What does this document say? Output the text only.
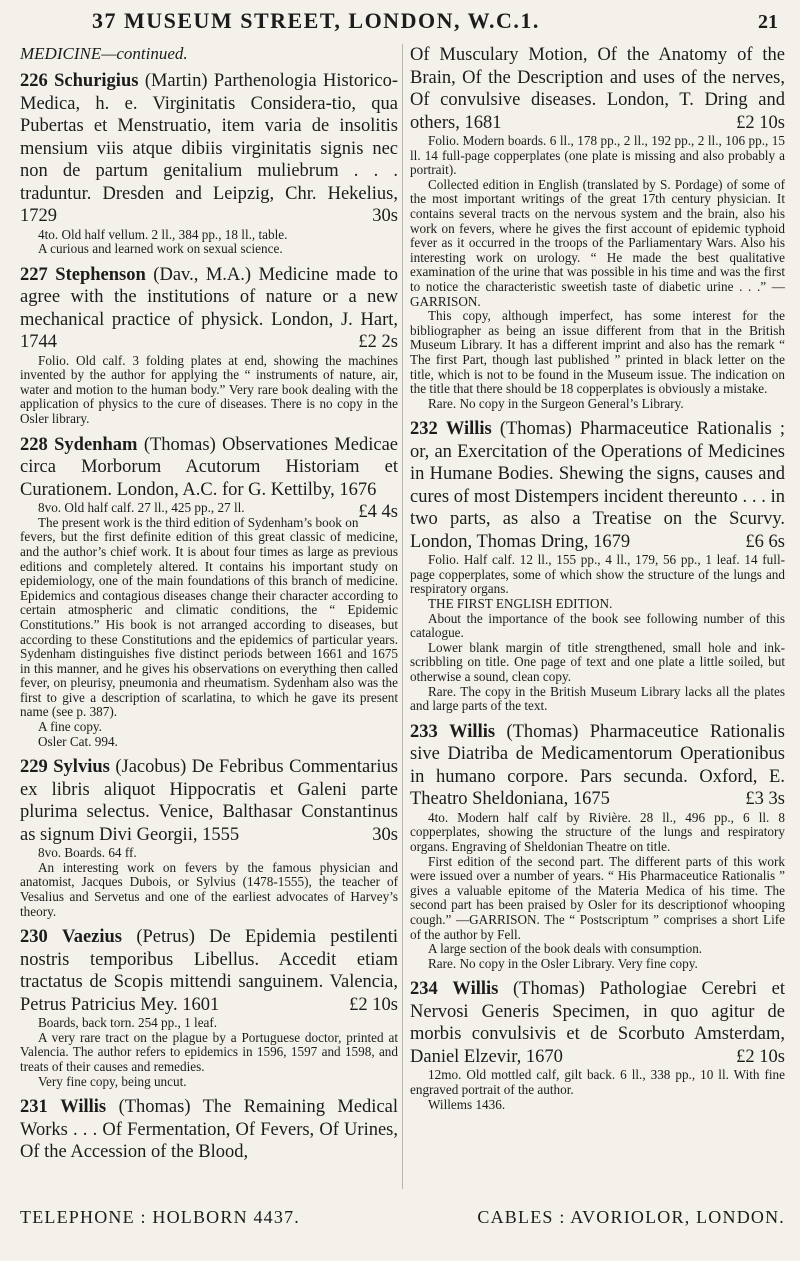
37 MUSEUM STREET, LONDON, W.C.1.	21
MEDICINE—continued.
226 Schurigius (Martin) Parthenologia Historico-Medica, h. e. Virginitatis Considera-tio, qua Pubertas et Menstruatio, item varia de insolitis mensium viis atque dibiis virginitatis signis nec non de partum genitalium muliebrum . . . traduntur. Dresden and Leipzig, Chr. Hekelius, 1729	30s
4to. Old half vellum. 2 ll., 384 pp., 18 ll., table.
A curious and learned work on sexual science.
227 Stephenson (Dav., M.A.) Medicine made to agree with the institutions of nature or a new mechanical practice of physick. London, J. Hart, 1744	£2 2s
Folio. Old calf. 3 folding plates at end, showing the machines invented by the author for applying the “ instruments of nature, air, water and motion to the human body.” Very rare book dealing with the application of physics to the cure of diseases. There is no copy in the Osler library.
228 Sydenham (Thomas) Observationes Medicae circa Morborum Acutorum Historiam et Curationem. London, A.C. for G. Kettilby, 1676
£4 4s
8vo. Old half calf. 27 ll., 425 pp., 27 ll.
The present work is the third edition of Sydenham’s book on fevers, but the first definite edition of this great classic of medicine, and the author’s chief work. It is about four times as large as previous editions and completely altered. It contains his important study on epidemiology, one of the main foundations of this branch of medicine. Epidemics and contagious diseases change their character according to certain atmospheric and climatic conditions, the “ Epidemic Constitutions.” His book is not arranged according to diseases, but according to these Constitutions and the epidemics of particular years. Sydenham distinguishes five distinct periods between 1661 and 1675 in this manner, and he gives his observations on everything then called fever, on pleurisy, pneumonia and rheumatism. Sydenham also was the first to give a description of scarlatina, to which he gave its present name (see p. 387).
A fine copy.
Osler Cat. 994.
229 Sylvius (Jacobus) De Febribus Commentarius ex libris aliquot Hippocratis et Galeni parte plurima selectus. Venice, Balthasar Constantinus as signum Divi Georgii, 1555	30s
8vo. Boards. 64 ff.
An interesting work on fevers by the famous physician and anatomist, Jacques Dubois, or Sylvius (1478-1555), the teacher of Vesalius and Servetus and one of the earliest advocates of Harvey’s theory.
230 Vaezius (Petrus) De Epidemia pestilenti nostris temporibus Libellus. Accedit etiam tractatus de Scopis mittendi sanguinem. Valencia, Petrus Patricius Mey. 1601	£2 10s
Boards, back torn. 254 pp., 1 leaf.
A very rare tract on the plague by a Portuguese doctor, printed at Valencia. The author refers to epidemics in 1596, 1597 and 1598, and treats of their causes and remedies.
Very fine copy, being uncut.
231 Willis (Thomas) The Remaining Medical Works . . . Of Fermentation, Of Fevers, Of Urines, Of the Accession of the Blood,
Of Musculary Motion, Of the Anatomy of the Brain, Of the Description and uses of the nerves, Of convulsive diseases. London, T. Dring and others, 1681	£2 10s
Folio. Modern boards. 6 ll., 178 pp., 2 ll., 192 pp., 2 ll., 106 pp., 15 ll. 14 full-page copperplates (one plate is missing and also probably a portrait).
Collected edition in English (translated by S. Pordage) of some of the most important writings of the great 17th century physician. It contains several tracts on the nervous system and the brain, also his work on fevers, where he gives the first account of epidemic typhoid fever as it occurred in the troops of the Parliamentary Wars. Also his interesting work on urology. “ He made the best qualitative examination of the urine that was possible in his time and was the first to notice the characteristic sweetish taste of diabetic urine . . .” —GARRISON.
This copy, although imperfect, has some interest for the bibliographer as being an issue different from that in the British Museum Library. It has a different imprint and also has the remark “ The first Part, though last published ” printed in black letter on the title, which is not to be found in the Museum issue. The indication on the title that there should be 18 copperplates is obviously a mistake.
Rare. No copy in the Surgeon General’s Library.
232 Willis (Thomas) Pharmaceutice Rationalis ; or, an Exercitation of the Operations of Medicines in Humane Bodies. Shewing the signs, causes and cures of most Distempers incident thereunto . . . in two parts, as also a Treatise on the Scurvy. London, Thomas Dring, 1679	£6 6s
Folio. Half calf. 12 ll., 155 pp., 4 ll., 179, 56 pp., 1 leaf. 14 full-page copperplates, some of which show the structure of the lungs and respiratory organs.
THE FIRST ENGLISH EDITION.
About the importance of the book see following number of this catalogue.
Lower blank margin of title strengthened, small hole and ink-scribbling on title. One page of text and one plate a little soiled, but otherwise a sound, clean copy.
Rare. The copy in the British Museum Library lacks all the plates and large parts of the text.
233 Willis (Thomas) Pharmaceutice Rationalis sive Diatriba de Medicamentorum Operationibus in humano corpore. Pars secunda. Oxford, E. Theatro Sheldoniana, 1675	£3 3s
4to. Modern half calf by Rivière. 28 ll., 496 pp., 6 ll. 8 copperplates, showing the structure of the lungs and respiratory organs. Engraving of Sheldonian Theatre on title.
First edition of the second part. The different parts of this work were issued over a number of years. “ His Pharmaceutice Rationalis ” gives a valuable epitome of the Materia Medica of his time. The second part has been praised by Osler for its descriptionof whooping cough.” —GARRISON. The “ Postscriptum ” comprises a short Life of the author by Fell.
A large section of the book deals with consumption.
Rare. No copy in the Osler Library. Very fine copy.
234 Willis (Thomas) Pathologiae Cerebri et Nervosi Generis Specimen, in quo agitur de morbis convulsivis et de Scorbuto Amsterdam, Daniel Elzevir, 1670	£2 10s
12mo. Old mottled calf, gilt back. 6 ll., 338 pp., 10 ll. With fine engraved portrait of the author.
Willems 1436.
TELEPHONE : HOLBORN 4437.	CABLES : AVORIOLOR, LONDON.
